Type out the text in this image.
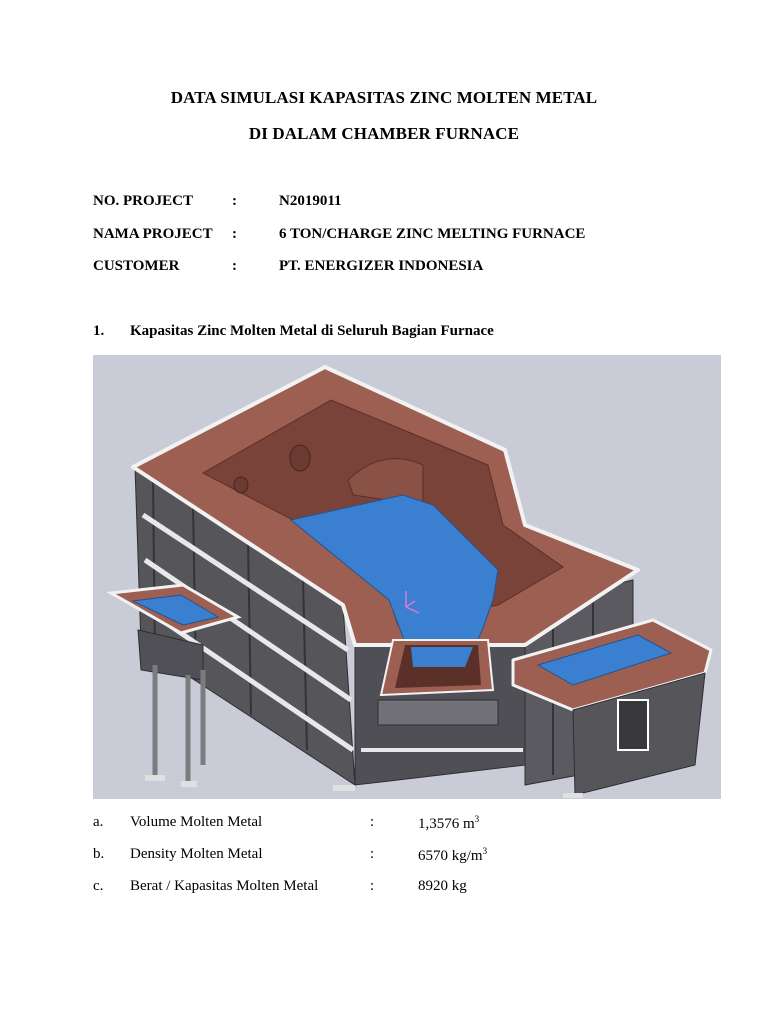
DATA SIMULASI KAPASITAS ZINC MOLTEN METAL
DI DALAM CHAMBER FURNACE
NO. PROJECT	:	N2019011
NAMA PROJECT :	6 TON/CHARGE ZINC MELTING FURNACE
CUSTOMER	:	PT. ENERGIZER INDONESIA
1. Kapasitas Zinc Molten Metal di Seluruh Bagian Furnace
a. Volume Molten Metal	:	1,3576 $m^3$
b. Density Molten Metal	:	6570 $kg/m^3$
c. Berat / Kapasitas Molten Metal	:	8920 kg
